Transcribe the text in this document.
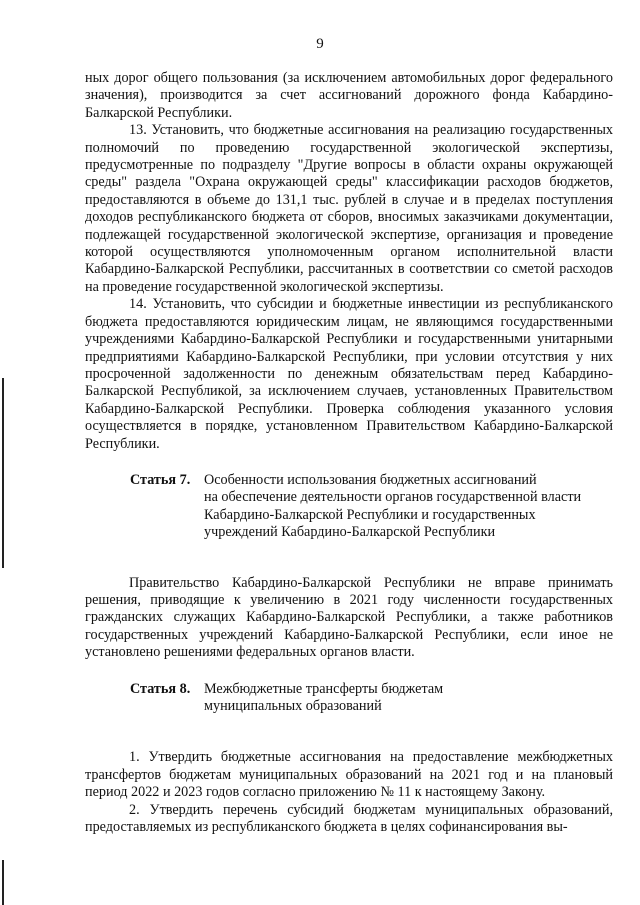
9

ных дорог общего пользования (за исключением автомобильных дорог федерального значения), производится за счет ассигнований дорожного фонда Кабардино-Балкарской Республики.

13. Установить, что бюджетные ассигнования на реализацию государственных полномочий по проведению государственной экологической экспертизы, предусмотренные по подразделу "Другие вопросы в области охраны окружающей среды" раздела "Охрана окружающей среды" классификации расходов бюджетов, предоставляются в объеме до 131,1 тыс. рублей в случае и в пределах поступления доходов республиканского бюджета от сборов, вносимых заказчиками документации, подлежащей государственной экологической экспертизе, организация и проведение которой осуществляются уполномоченным органом исполнительной власти Кабардино-Балкарской Республики, рассчитанных в соответствии со сметой расходов на проведение государственной экологической экспертизы.

14. Установить, что субсидии и бюджетные инвестиции из республиканского бюджета предоставляются юридическим лицам, не являющимся государственными учреждениями Кабардино-Балкарской Республики и государственными унитарными предприятиями Кабардино-Балкарской Республики, при условии отсутствия у них просроченной задолженности по денежным обязательствам перед Кабардино-Балкарской Республикой, за исключением случаев, установленных Правительством Кабардино-Балкарской Республики. Проверка соблюдения указанного условия осуществляется в порядке, установленном Правительством Кабардино-Балкарской Республики.

Статья 7. Особенности использования бюджетных ассигнований
на обеспечение деятельности органов государственной власти
Кабардино-Балкарской Республики и государственных
учреждений Кабардино-Балкарской Республики

Правительство Кабардино-Балкарской Республики не вправе принимать решения, приводящие к увеличению в 2021 году численности государственных гражданских служащих Кабардино-Балкарской Республики, а также работников государственных учреждений Кабардино-Балкарской Республики, если иное не установлено решениями федеральных органов власти.

Статья 8. Межбюджетные трансферты бюджетам
муниципальных образований

1. Утвердить бюджетные ассигнования на предоставление межбюджетных трансфертов бюджетам муниципальных образований на 2021 год и на плановый период 2022 и 2023 годов согласно приложению № 11 к настоящему Закону.

2. Утвердить перечень субсидий бюджетам муниципальных образований, предоставляемых из республиканского бюджета в целях софинансирования вы-
